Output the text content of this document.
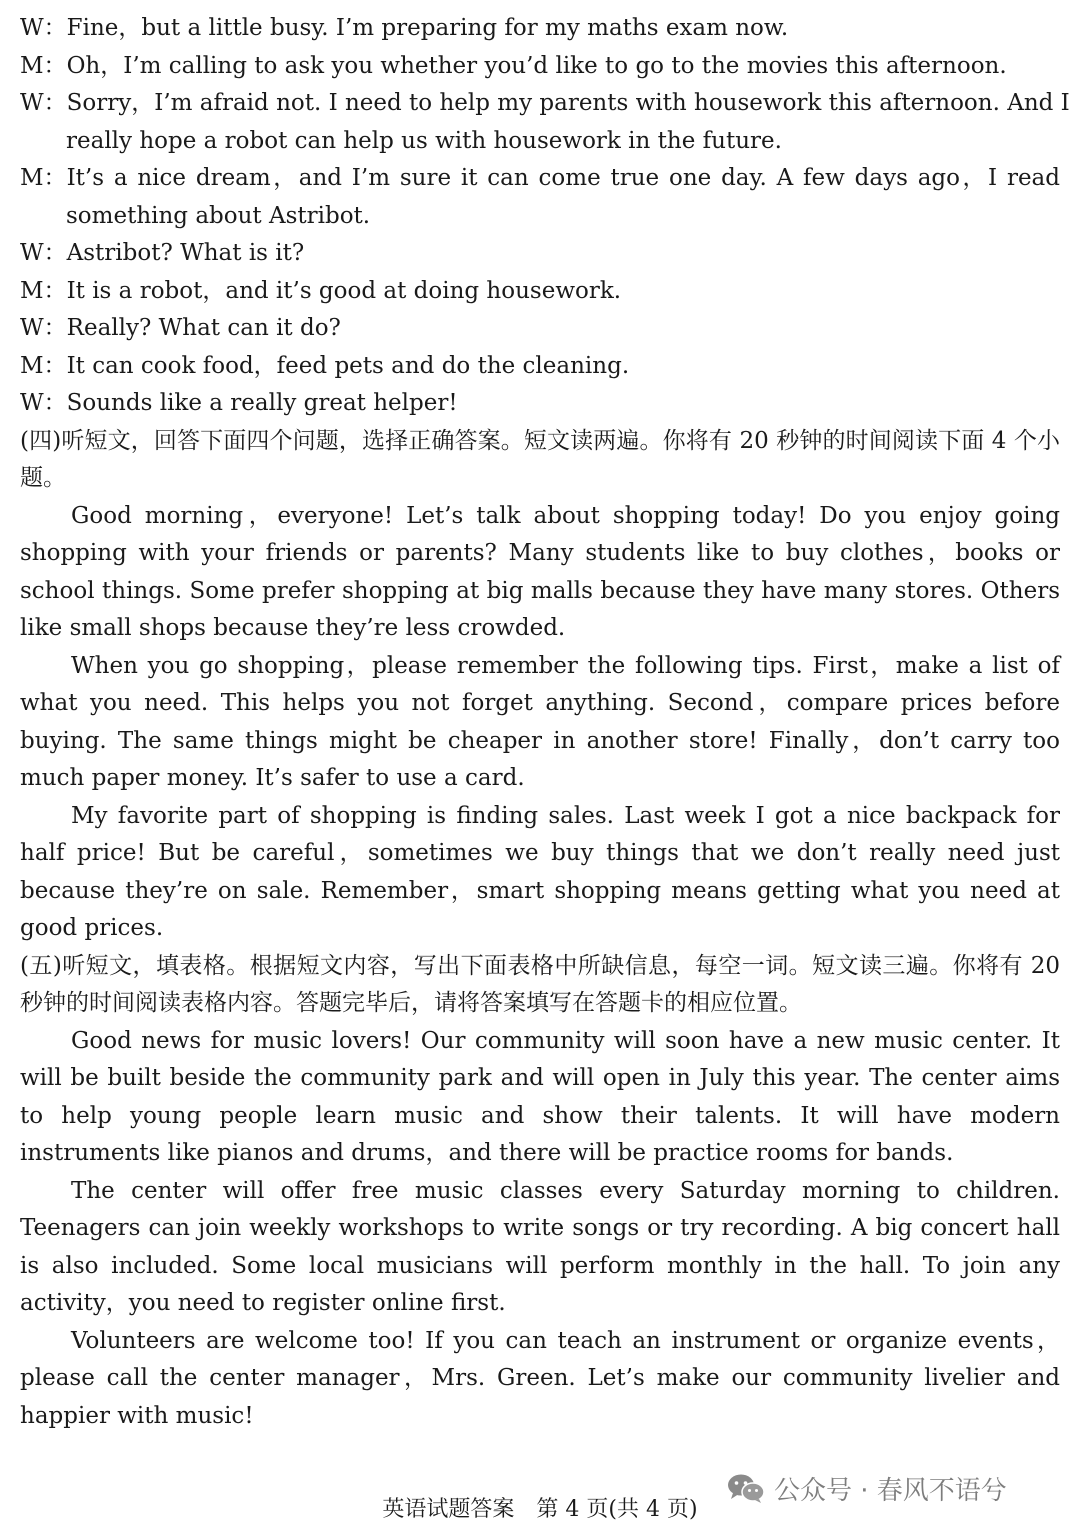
W： Fine，but a little busy. I’m preparing for my maths exam now.
M： Oh，I’m calling to ask you whether you’d like to go to the movies this afternoon.
W： Sorry，I’m afraid not. I need to help my parents with housework this afternoon. And I
really hope a robot can help us with housework in the future.
M： It’s a nice dream，and I’m sure it can come true one day. A few days ago，I read
something about Astribot.
W： Astribot? What is it?
M： It is a robot，and it’s good at doing housework.
W： Really? What can it do?
M： It can cook food，feed pets and do the cleaning.
W： Sounds like a really great helper!

(四)听短文，回答下面四个问题，选择正确答案。短文读两遍。你将有 20 秒钟的时间阅读下面 4 个小题。

Good morning，everyone! Let’s talk about shopping today! Do you enjoy going shopping with your friends or parents? Many students like to buy clothes，books or school things. Some prefer shopping at big malls because they have many stores. Others like small shops because they’re less crowded.

When you go shopping，please remember the following tips. First，make a list of what you need. This helps you not forget anything. Second，compare prices before buying. The same things might be cheaper in another store! Finally，don’t carry too much paper money. It’s safer to use a card.

My favorite part of shopping is finding sales. Last week I got a nice backpack for half price! But be careful，sometimes we buy things that we don’t really need just because they’re on sale. Remember，smart shopping means getting what you need at good prices.

(五)听短文，填表格。根据短文内容，写出下面表格中所缺信息，每空一词。短文读三遍。你将有 20 秒钟的时间阅读表格内容。答题完毕后，请将答案填写在答题卡的相应位置。

Good news for music lovers! Our community will soon have a new music center. It will be built beside the community park and will open in July this year. The center aims to help young people learn music and show their talents. It will have modern instruments like pianos and drums，and there will be practice rooms for bands.

The center will offer free music classes every Saturday morning to children. Teenagers can join weekly workshops to write songs or try recording. A big concert hall is also included. Some local musicians will perform monthly in the hall. To join any activity，you need to register online first.

Volunteers are welcome too! If you can teach an instrument or organize events，please call the center manager，Mrs. Green. Let’s make our community livelier and happier with music!

公众号 · 春风不语兮
英语试题答案　第 4 页(共 4 页)
